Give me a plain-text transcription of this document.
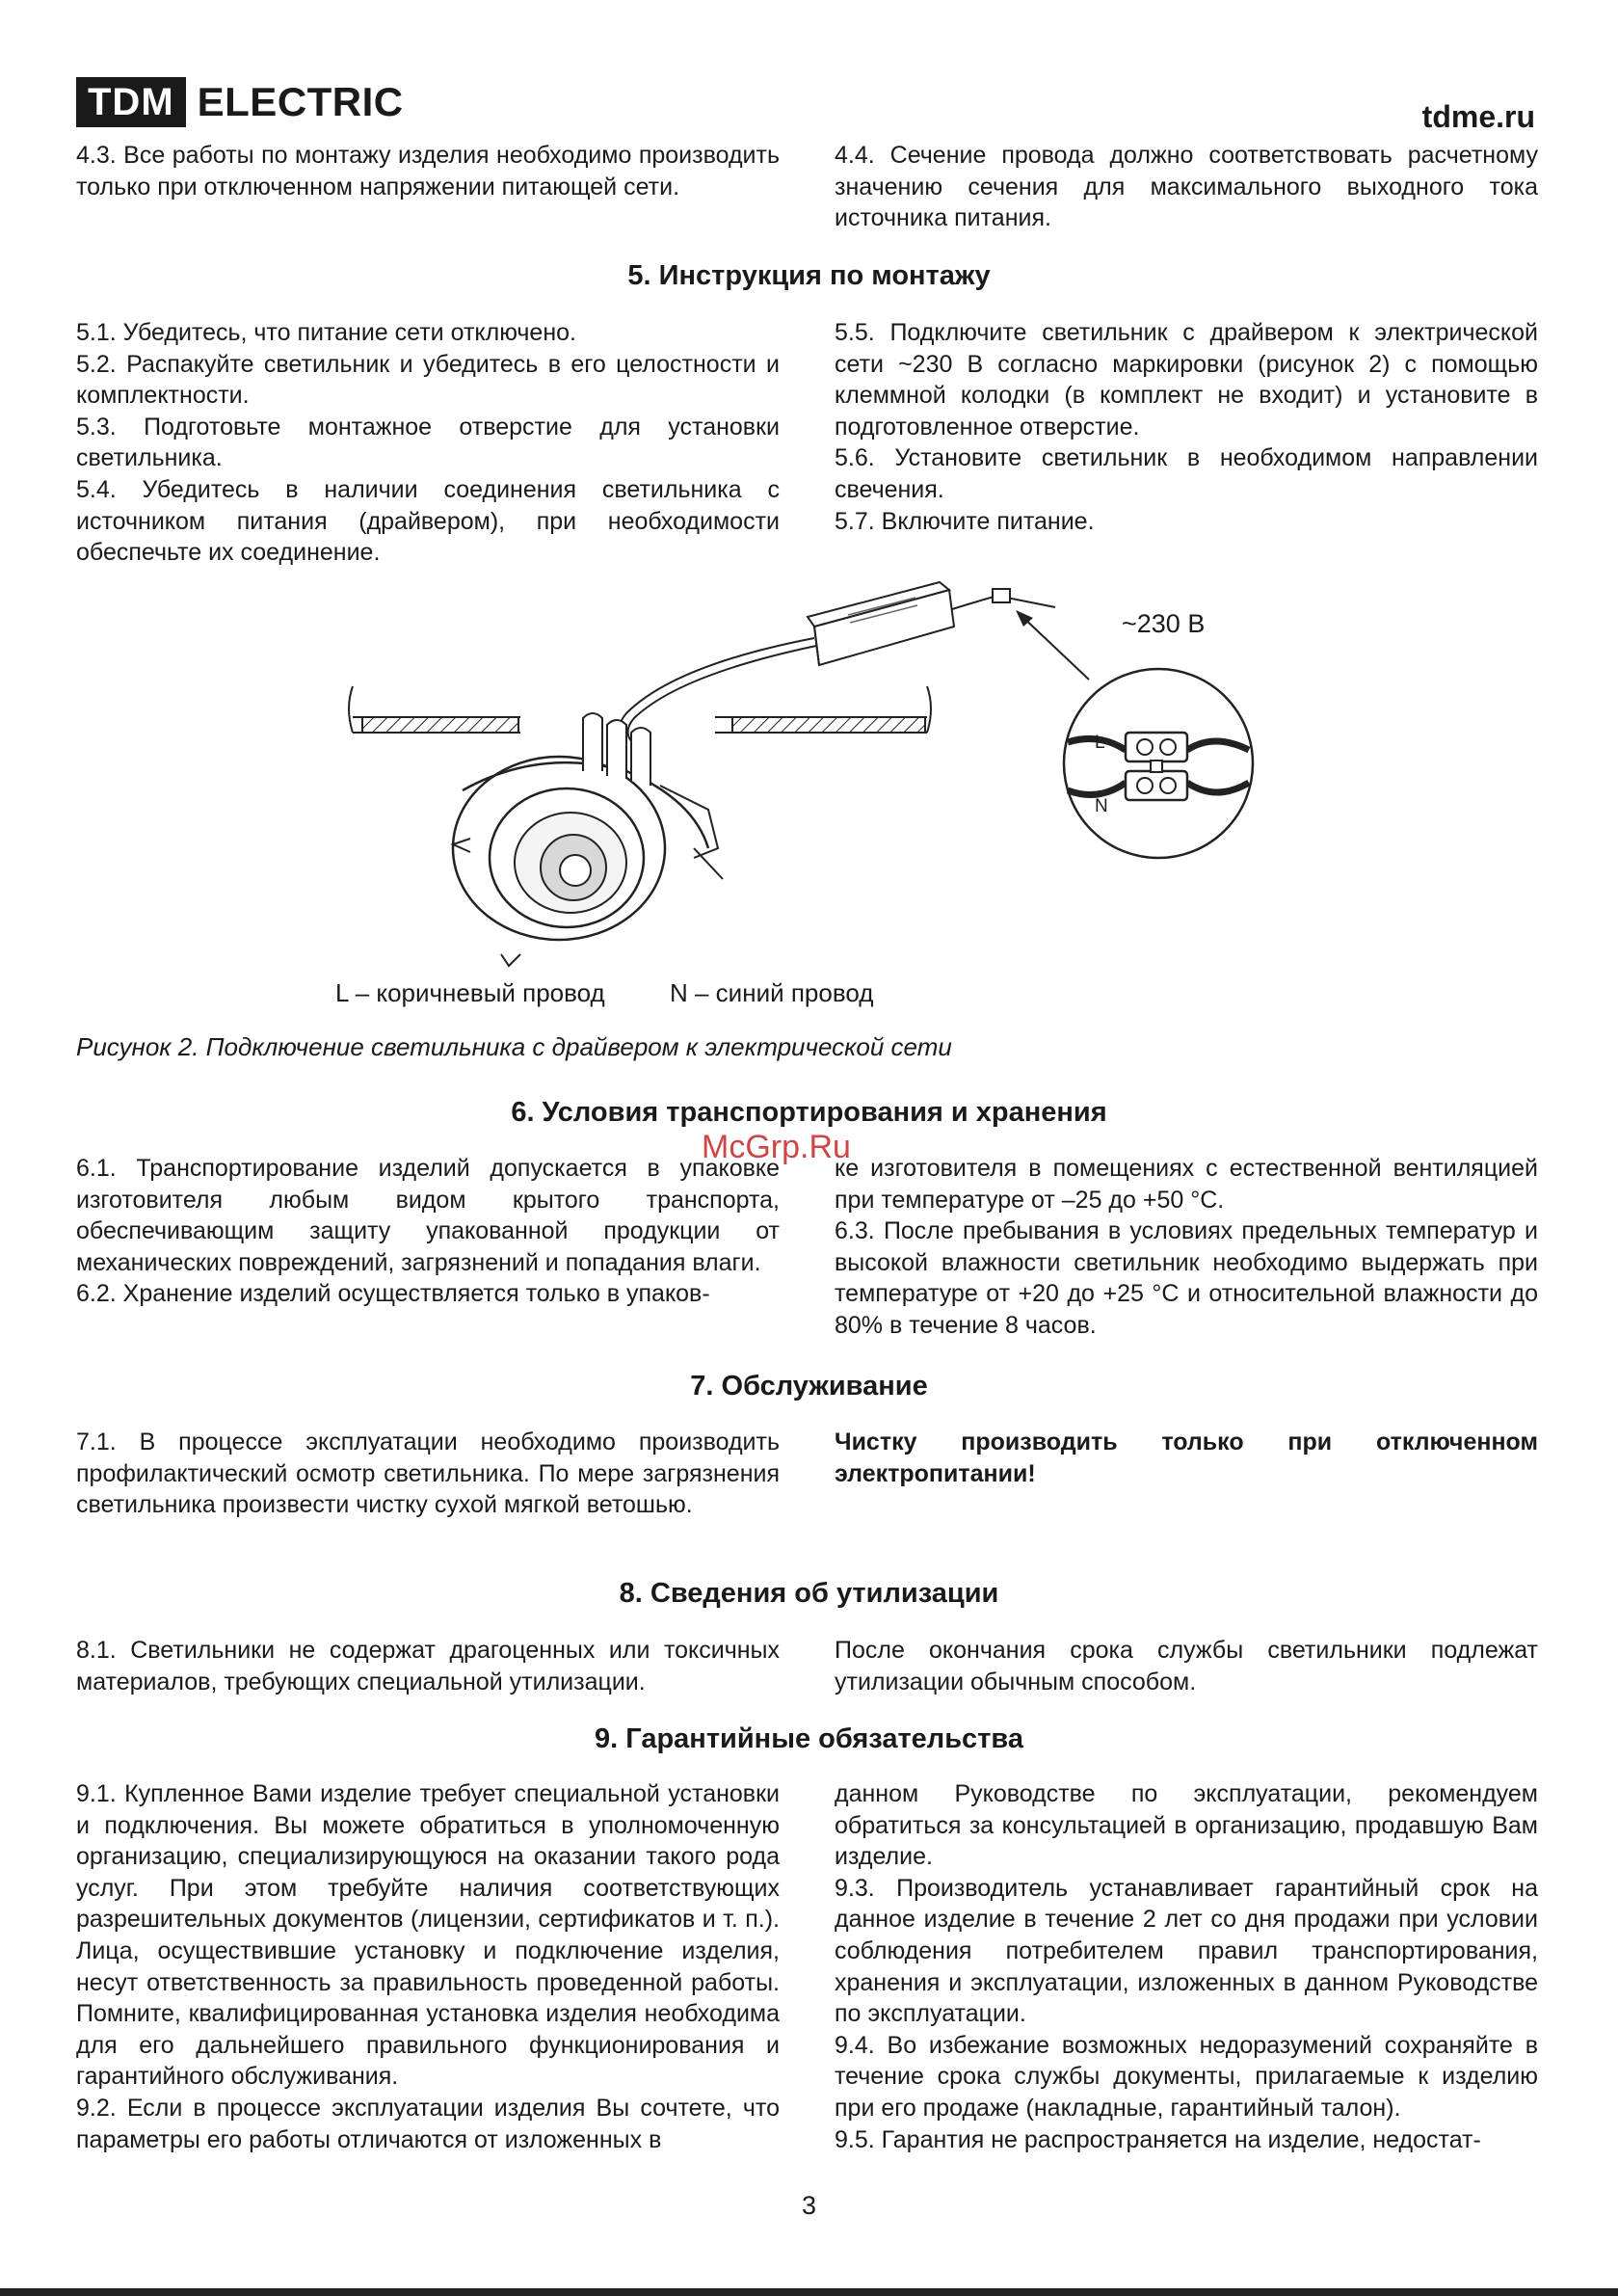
TDM ELECTRIC	tdme.ru

4.3. Все работы по монтажу изделия необходимо производить только при отключенном напряжении питающей сети.

4.4. Сечение провода должно соответствовать расчетному значению сечения для максимального выходного тока источника питания.

5. Инструкция по монтажу

5.1. Убедитесь, что питание сети отключено.

5.2. Распакуйте светильник и убедитесь в его целостности и комплектности.

5.3. Подготовьте монтажное отверстие для установки светильника.

5.4. Убедитесь в наличии соединения светильника с источником питания (драйвером), при необходимости обеспечьте их соединение.

5.5. Подключите светильник с драйвером к электрической сети ~230 В согласно маркировки (рисунок 2) с помощью клеммной колодки (в комплект не входит) и установите в подготовленное отверстие.

5.6. Установите светильник в необходимом направлении свечения.

5.7. Включите питание.

~230 В
L
N
L – коричневый провод	N – синий провод
Рисунок 2. Подключение светильника с драйвером к электрической сети
6. Условия транспортирования и хранения

6.1. Транспортирование изделий допускается в упаковке изготовителя любым видом крытого транспорта, обеспечивающим защиту упакованной продукции от механических повреждений, загрязнений и попадания влаги.

6.2. Хранение изделий осуществляется только в упаков-

ке изготовителя в помещениях с естественной вентиляцией при температуре от –25 до +50 °С.

6.3. После пребывания в условиях предельных температур и высокой влажности светильник необходимо выдержать при температуре от +20 до +25 °С и относительной влажности до 80% в течение 8 часов.

McGrp.Ru
7. Обслуживание

7.1. В процессе эксплуатации необходимо производить профилактический осмотр светильника. По мере загрязнения светильника произвести чистку сухой мягкой ветошью.

Чистку производить только при отключенном электропитании!

8. Сведения об утилизации

8.1. Светильники не содержат драгоценных или токсичных материалов, требующих специальной утилизации.

После окончания срока службы светильники подлежат утилизации обычным способом.

9. Гарантийные обязательства

9.1. Купленное Вами изделие требует специальной установки и подключения. Вы можете обратиться в уполномоченную организацию, специализирующуюся на оказании такого рода услуг. При этом требуйте наличия соответствующих разрешительных документов (лицензии, сертификатов и т. п.). Лица, осуществившие установку и подключение изделия, несут ответственность за правильность проведенной работы. Помните, квалифицированная установка изделия необходима для его дальнейшего правильного функционирования и гарантийного обслуживания.

9.2. Если в процессе эксплуатации изделия Вы сочтете, что параметры его работы отличаются от изложенных в

данном Руководстве по эксплуатации, рекомендуем обратиться за консультацией в организацию, продавшую Вам изделие.

9.3. Производитель устанавливает гарантийный срок на данное изделие в течение 2 лет со дня продажи при условии соблюдения потребителем правил транспортирования, хранения и эксплуатации, изложенных в данном Руководстве по эксплуатации.

9.4. Во избежание возможных недоразумений сохраняйте в течение срока службы документы, прилагаемые к изделию при его продаже (накладные, гарантийный талон).

9.5. Гарантия не распространяется на изделие, недостат-

3
